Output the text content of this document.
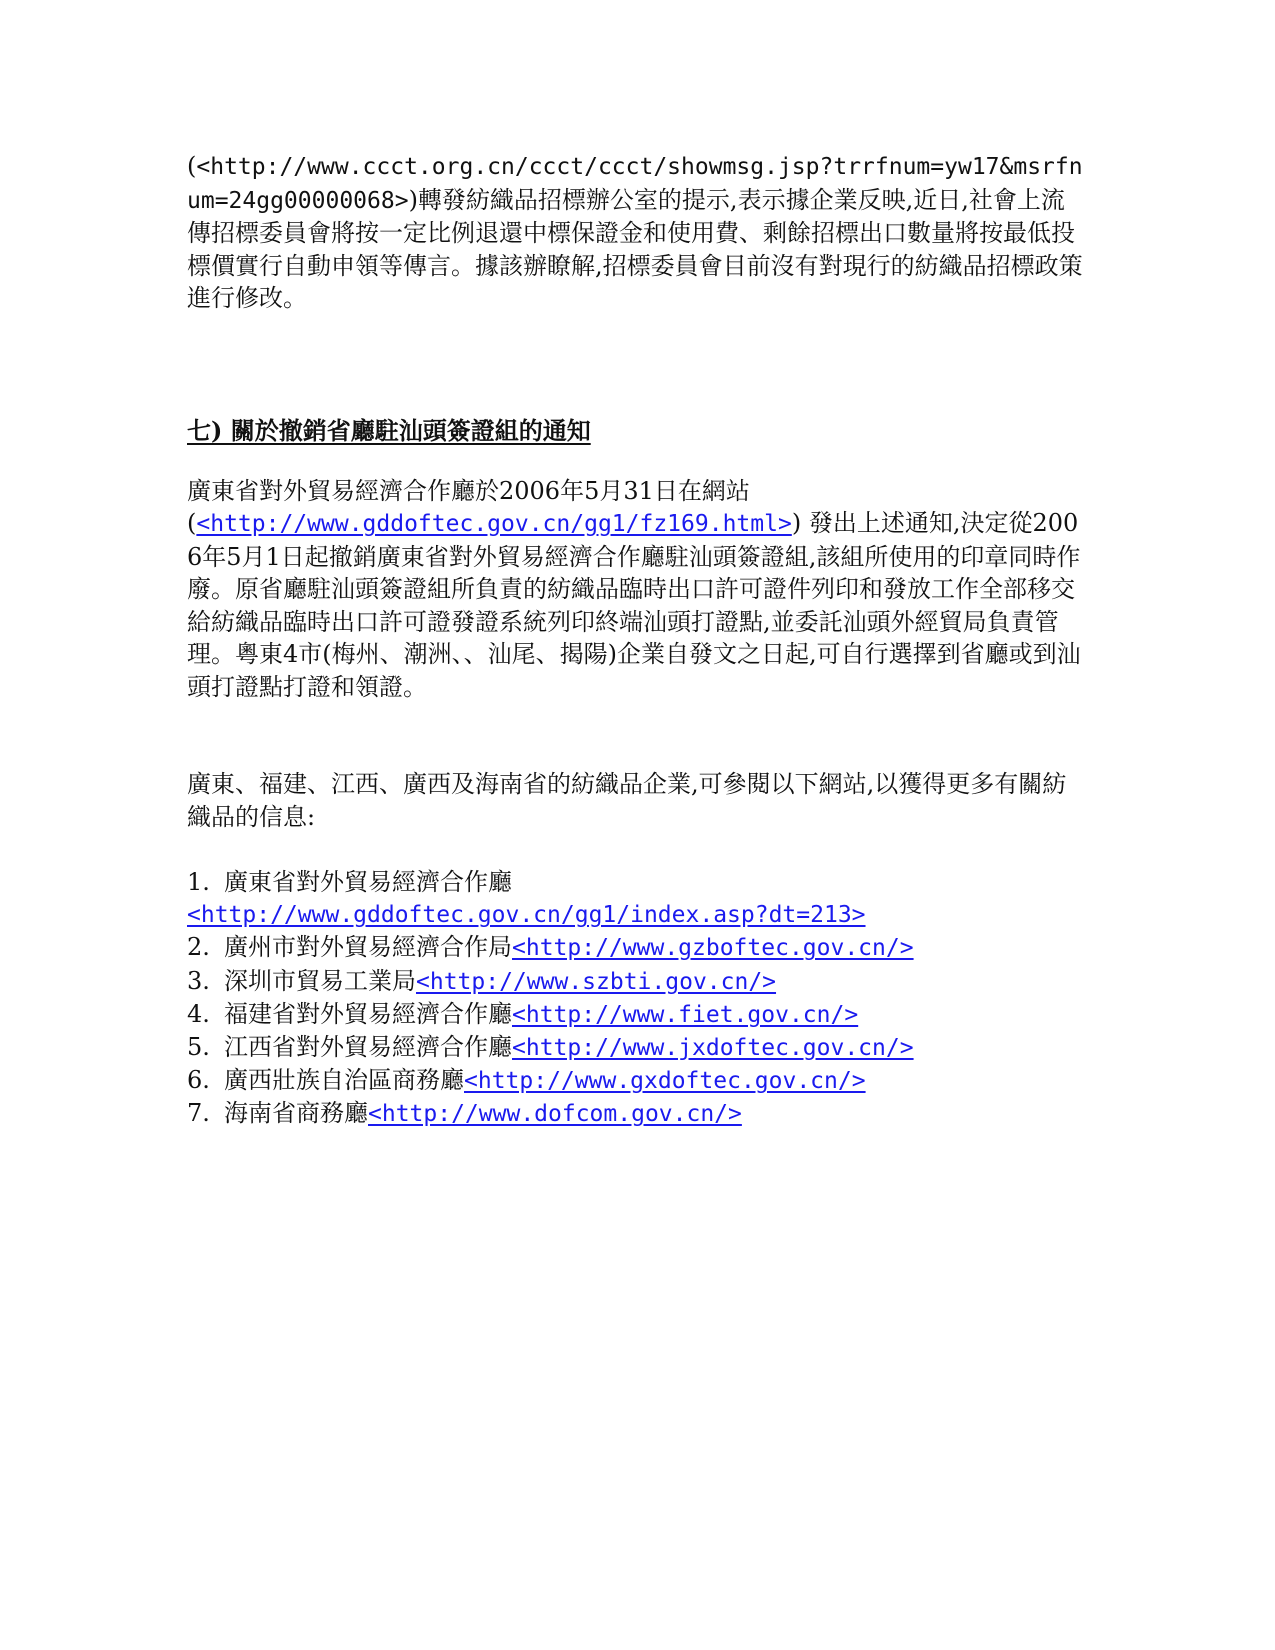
(<http://www.ccct.org.cn/ccct/ccct/showmsg.jsp?trrfnum=yw17&msrfnum=24gg00000068>)轉發紡織品招標辦公室的提示,表示據企業反映,近日,社會上流傳招標委員會將按一定比例退還中標保證金和使用費、剩餘招標出口數量將按最低投標價實行自動申領等傳言。據該辦瞭解,招標委員會目前沒有對現行的紡織品招標政策進行修改。

七) 關於撤銷省廳駐汕頭簽證組的通知

廣東省對外貿易經濟合作廳於2006年5月31日在網站
(<http://www.gddoftec.gov.cn/gg1/fz169.html>) 發出上述通知,決定從2006年5月1日起撤銷廣東省對外貿易經濟合作廳駐汕頭簽證組,該組所使用的印章同時作廢。原省廳駐汕頭簽證組所負責的紡織品臨時出口許可證件列印和發放工作全部移交給紡織品臨時出口許可證發證系統列印終端汕頭打證點,並委託汕頭外經貿局負責管理。粵東4市(梅州、潮洲、、汕尾、揭陽)企業自發文之日起,可自行選擇到省廳或到汕頭打證點打證和領證。

廣東、福建、江西、廣西及海南省的紡織品企業,可參閱以下網站,以獲得更多有關紡織品的信息:

1. 廣東省對外貿易經濟合作廳
<http://www.gddoftec.gov.cn/gg1/index.asp?dt=213>

2. 廣州市對外貿易經濟合作局<http://www.gzboftec.gov.cn/>

3. 深圳市貿易工業局<http://www.szbti.gov.cn/>

4. 福建省對外貿易經濟合作廳<http://www.fiet.gov.cn/>

5. 江西省對外貿易經濟合作廳<http://www.jxdoftec.gov.cn/>

6. 廣西壯族自治區商務廳<http://www.gxdoftec.gov.cn/>

7. 海南省商務廳<http://www.dofcom.gov.cn/>
